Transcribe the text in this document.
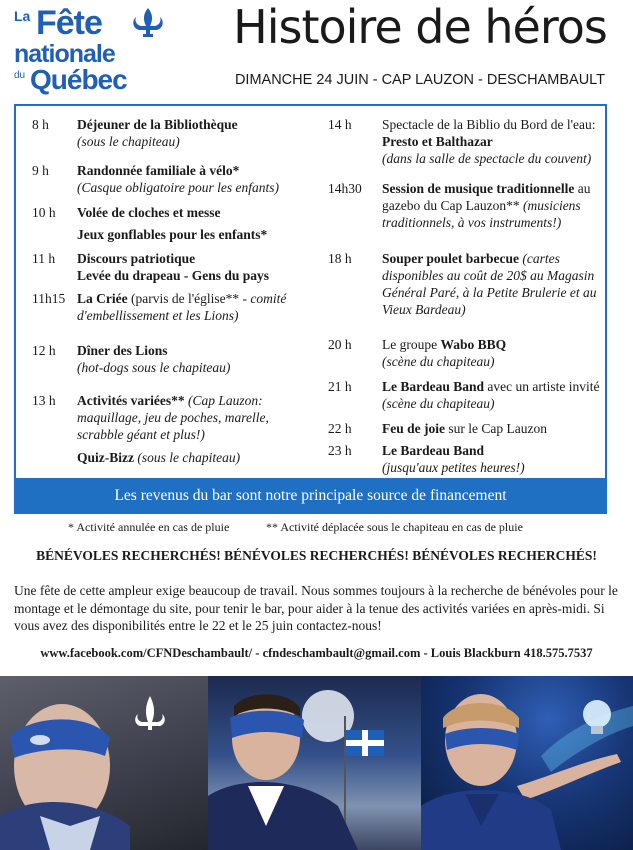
La Fête
nationale
du Québec
Histoire de héros
DIMANCHE 24 JUIN - CAP LAUZON - DESCHAMBAULT
8 h	Déjeuner de la Bibliothèque
(sous le chapiteau)
9 h	Randonnée familiale à vélo*
(Casque obligatoire pour les enfants)
10 h	Volée de cloches et messe
Jeux gonflables pour les enfants*
11 h	Discours patriotique
Levée du drapeau - Gens du pays
11h15 La Criée (parvis de l'église** - comité d'embellissement et les Lions)
12 h	Dîner des Lions
(hot-dogs sous le chapiteau)
13 h	Activités variées** (Cap Lauzon: maquillage, jeu de poches, marelle, scrabble géant et plus!)
Quiz-Bizz (sous le chapiteau)
14 h	Spectacle de la Biblio du Bord de l'eau:
Presto et Balthazar
(dans la salle de spectacle du couvent)
14h30	Session de musique traditionnelle au gazebo du Cap Lauzon** (musiciens traditionnels, à vos instruments!)
18 h	Souper poulet barbecue (cartes disponibles au coût de 20$ au Magasin Général Paré, à la Petite Brulerie et au Vieux Bardeau)
20 h	Le groupe Wabo BBQ
(scène du chapiteau)
21 h	Le Bardeau Band avec un artiste invité
(scène du chapiteau)
22 h	Feu de joie sur le Cap Lauzon
23 h	Le Bardeau Band
(jusqu'aux petites heures!)
Les revenus du bar sont notre principale source de financement
* Activité annulée en cas de pluie	** Activité déplacée sous le chapiteau en cas de pluie
BÉNÉVOLES RECHERCHÉS! BÉNÉVOLES RECHERCHÉS! BÉNÉVOLES RECHERCHÉS!
Une fête de cette ampleur exige beaucoup de travail. Nous sommes toujours à la recherche de bénévoles pour le montage et le démontage du site, pour tenir le bar, pour aider à la tenue des activités variées en après-midi. Si vous avez des disponibilités entre le 22 et le 25 juin contactez-nous!
www.facebook.com/CFNDeschambault/ - cfndeschambault@gmail.com - Louis Blackburn 418.575.7537
